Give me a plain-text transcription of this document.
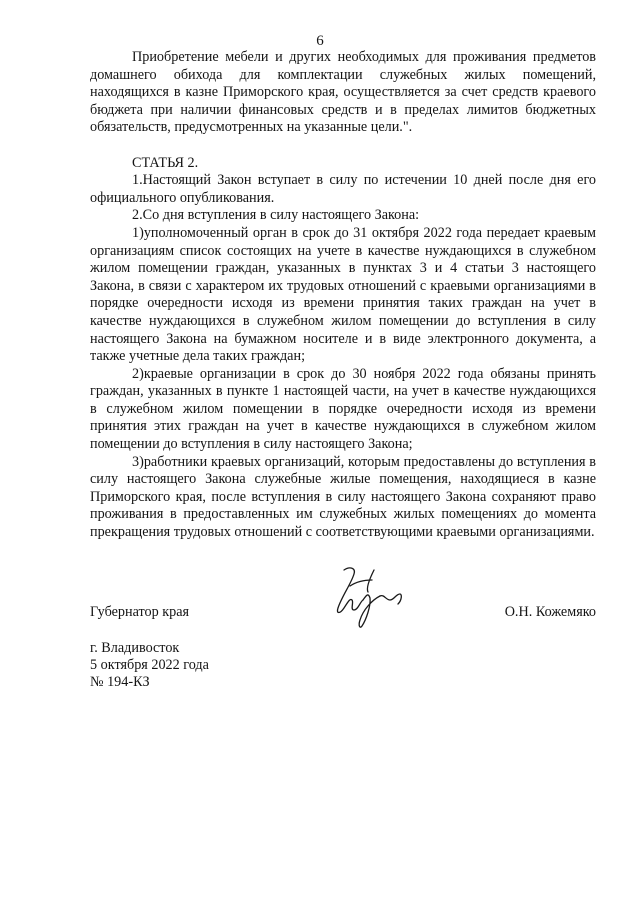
6

Приобретение мебели и других необходимых для проживания предметов домашнего обихода для комплектации служебных жилых помещений, находящихся в казне Приморского края, осуществляется за счет средств краевого бюджета при наличии финансовых средств и в пределах лимитов бюджетных обязательств, предусмотренных на указанные цели.".

СТАТЬЯ 2.

1.Настоящий Закон вступает в силу по истечении 10 дней после дня его официального опубликования.

2.Со дня вступления в силу настоящего Закона:

1)уполномоченный орган в срок до 31 октября 2022 года передает краевым организациям список состоящих на учете в качестве нуждающихся в служебном жилом помещении граждан, указанных в пунктах 3 и 4 статьи 3 настоящего Закона, в связи с характером их трудовых отношений с краевыми организациями в порядке очередности исходя из времени принятия таких граждан на учет в качестве нуждающихся в служебном жилом помещении до вступления в силу настоящего Закона на бумажном носителе и в виде электронного документа, а также учетные дела таких граждан;

2)краевые организации в срок до 30 ноября 2022 года обязаны принять граждан, указанных в пункте 1 настоящей части, на учет в качестве нуждающихся в служебном жилом помещении в порядке очередности исходя из времени принятия этих граждан на учет в качестве нуждающихся в служебном жилом помещении до вступления в силу настоящего Закона;

3)работники краевых организаций, которым предоставлены до вступления в силу настоящего Закона служебные жилые помещения, находящиеся в казне Приморского края, после вступления в силу настоящего Закона сохраняют право проживания в предоставленных им служебных жилых помещениях до момента прекращения трудовых отношений с соответствующими краевыми организациями.

Губернатор края	О.Н. Кожемяко
г. Владивосток
5 октября 2022 года
№ 194-КЗ
